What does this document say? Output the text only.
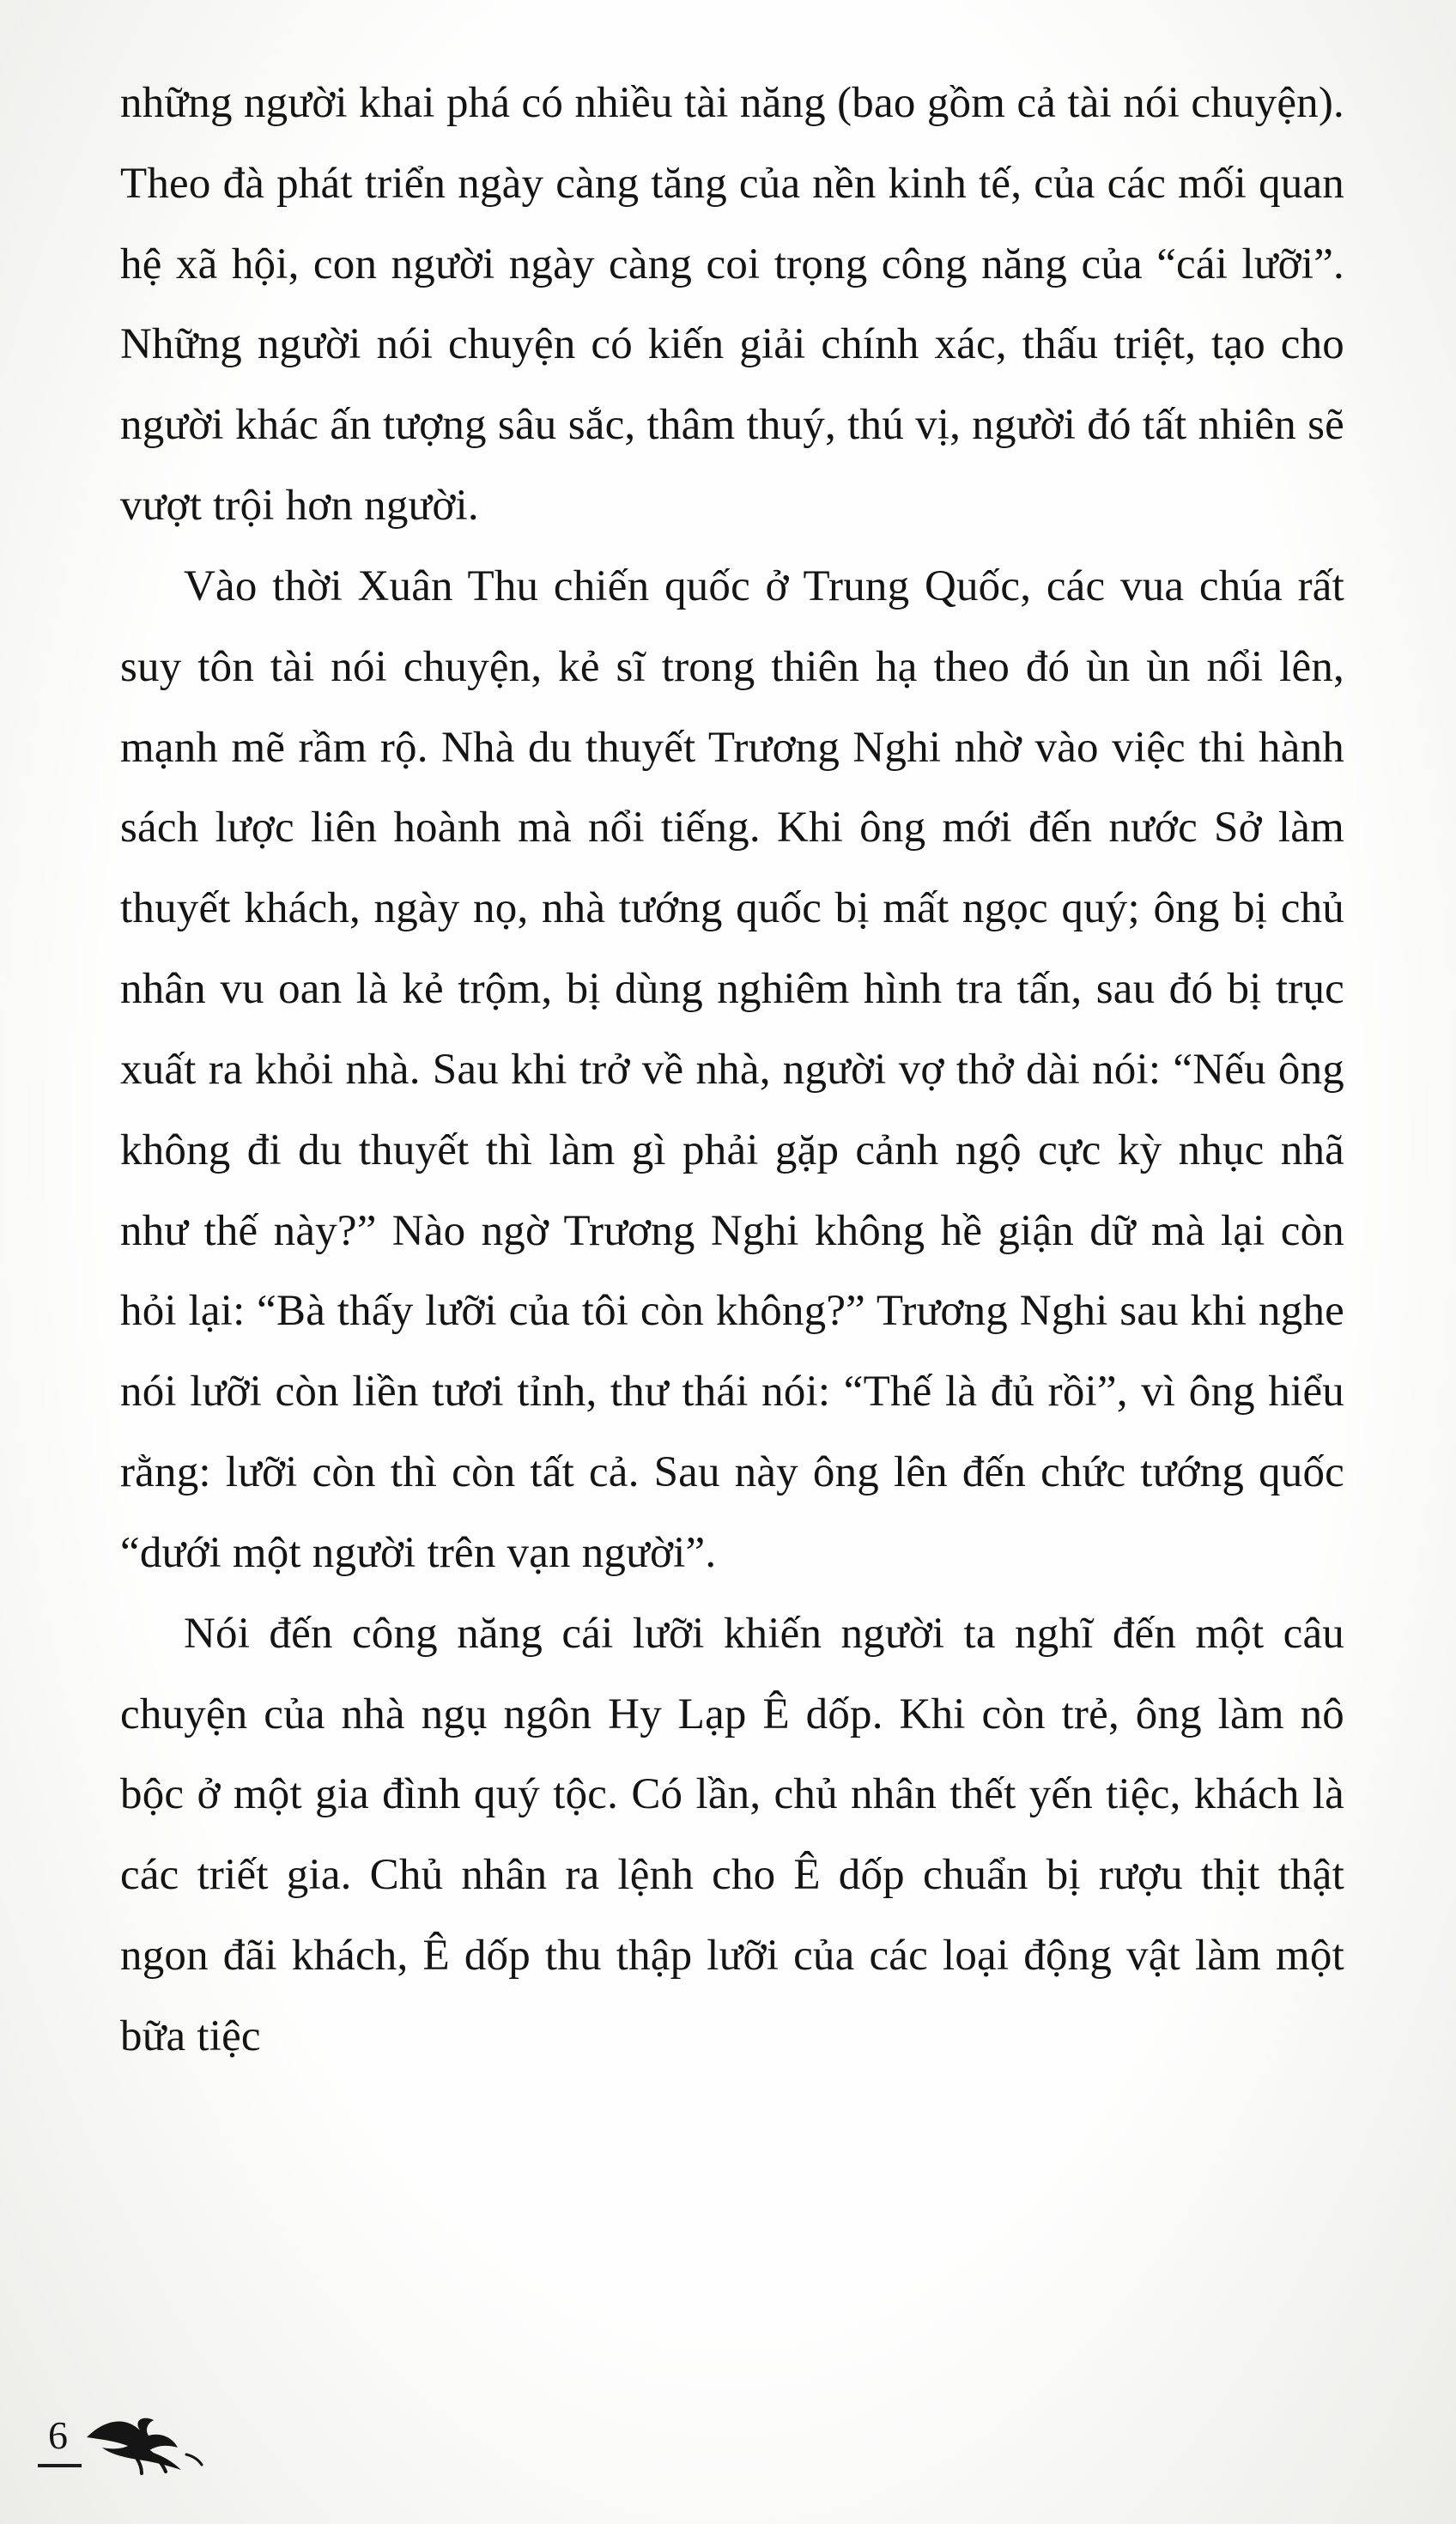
những người khai phá có nhiều tài năng (bao gồm cả tài nói chuyện). Theo đà phát triển ngày càng tăng của nền kinh tế, của các mối quan hệ xã hội, con người ngày càng coi trọng công năng của “cái lưỡi”. Những người nói chuyện có kiến giải chính xác, thấu triệt, tạo cho người khác ấn tượng sâu sắc, thâm thuý, thú vị, người đó tất nhiên sẽ vượt trội hơn người.

Vào thời Xuân Thu chiến quốc ở Trung Quốc, các vua chúa rất suy tôn tài nói chuyện, kẻ sĩ trong thiên hạ theo đó ùn ùn nổi lên, mạnh mẽ rầm rộ. Nhà du thuyết Trương Nghi nhờ vào việc thi hành sách lược liên hoành mà nổi tiếng. Khi ông mới đến nước Sở làm thuyết khách, ngày nọ, nhà tướng quốc bị mất ngọc quý; ông bị chủ nhân vu oan là kẻ trộm, bị dùng nghiêm hình tra tấn, sau đó bị trục xuất ra khỏi nhà. Sau khi trở về nhà, người vợ thở dài nói: “Nếu ông không đi du thuyết thì làm gì phải gặp cảnh ngộ cực kỳ nhục nhã như thế này?” Nào ngờ Trương Nghi không hề giận dữ mà lại còn hỏi lại: “Bà thấy lưỡi của tôi còn không?” Trương Nghi sau khi nghe nói lưỡi còn liền tươi tỉnh, thư thái nói: “Thế là đủ rồi”, vì ông hiểu rằng: lưỡi còn thì còn tất cả. Sau này ông lên đến chức tướng quốc “dưới một người trên vạn người”.

Nói đến công năng cái lưỡi khiến người ta nghĩ đến một câu chuyện của nhà ngụ ngôn Hy Lạp Ê dốp. Khi còn trẻ, ông làm nô bộc ở một gia đình quý tộc. Có lần, chủ nhân thết yến tiệc, khách là các triết gia. Chủ nhân ra lệnh cho Ê dốp chuẩn bị rượu thịt thật ngon đãi khách, Ê dốp thu thập lưỡi của các loại động vật làm một bữa tiệc

6
